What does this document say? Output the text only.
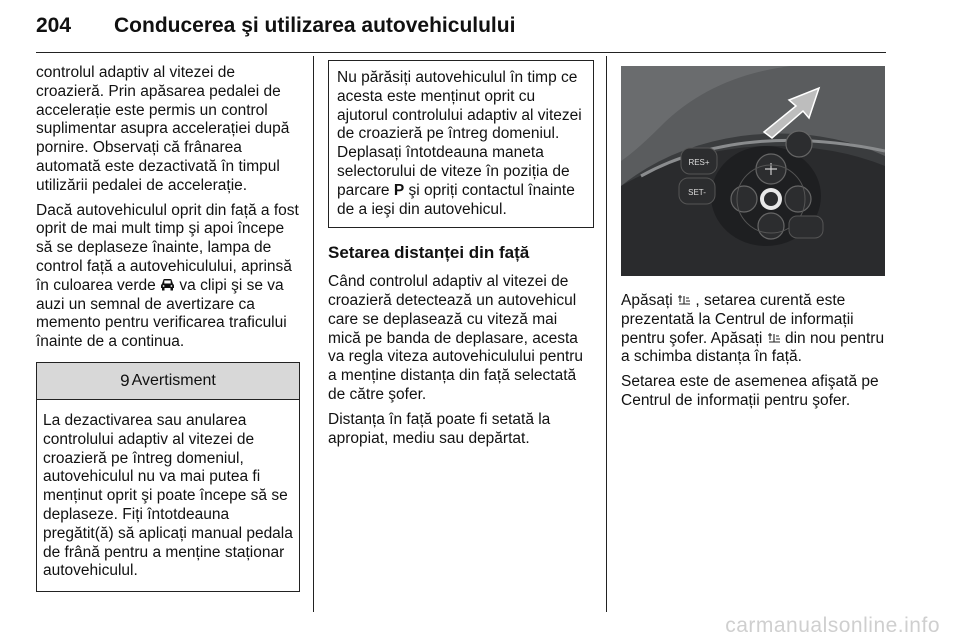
204 Conducerea şi utilizarea autovehiculului

controlul adaptiv al vitezei de croazieră. Prin apăsarea pedalei de accelerație este permis un control suplimentar asupra accelerației după pornire. Observați că frânarea automată este dezactivată în timpul utilizării pedalei de accelerație.

Dacă autovehiculul oprit din față a fost oprit de mai mult timp şi apoi începe să se deplaseze înainte, lampa de control față a autovehiculului, aprinsă în culoarea verde va clipi şi se va auzi un semnal de avertizare ca memento pentru verificarea traficului înainte de a continua.

9 Avertisment
La dezactivarea sau anularea controlului adaptiv al vitezei de croazieră pe întreg domeniul, autovehiculul nu va mai putea fi menținut oprit şi poate începe să se deplaseze. Fiți întotdeauna pregătit(ă) să aplicați manual pedala de frână pentru a menține staționar autovehiculul.
Nu părăsiți autovehiculul în timp ce acesta este menținut oprit cu ajutorul controlului adaptiv al vitezei de croazieră pe întreg domeniul. Deplasați întotdeauna maneta selectorului de viteze în poziția de parcare P şi opriți contactul înainte de a ieşi din autovehicul.
Setarea distanței din față

Când controlul adaptiv al vitezei de croazieră detectează un autovehicul care se deplasează cu viteză mai mică pe banda de deplasare, acesta va regla viteza autovehiculului pentru a menține distanța din față selectată de către şofer.

Distanța în față poate fi setată la apropiat, mediu sau depărtat.

RES+
SET-

Apăsați , setarea curentă este prezentată la Centrul de informații pentru şofer. Apăsați din nou pentru a schimba distanța în față.

Setarea este de asemenea afişată pe Centrul de informații pentru şofer.

carmanualsonline.info
